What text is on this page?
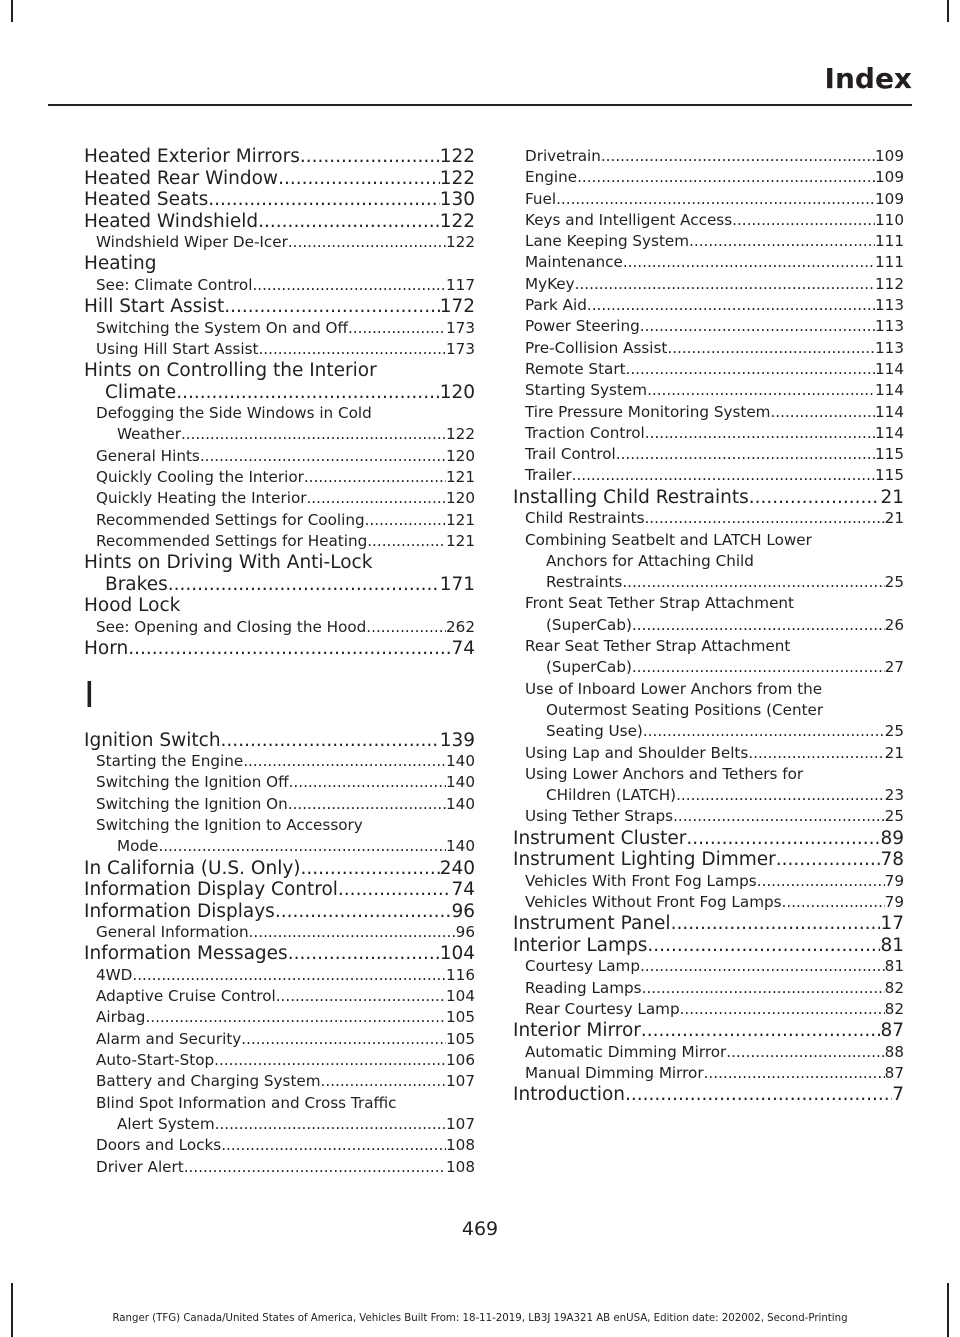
Index
Heated Exterior Mirrors .....	122
Heated Rear Window .....	122
Heated Seats .....	130
Heated Windshield .....	122
Windshield Wiper De-Icer .....	122
Heating
See: Climate Control .....	117
Hill Start Assist .....	172
Switching the System On and Off .....	173
Using Hill Start Assist .....	173
Hints on Controlling the Interior
Climate .....	120
Defogging the Side Windows in Cold
Weather .....	122
General Hints .....	120
Quickly Cooling the Interior .....	121
Quickly Heating the Interior .....	120
Recommended Settings for Cooling .....	121
Recommended Settings for Heating .....	121
Hints on Driving With Anti-Lock
Brakes .....	171
Hood Lock
See: Opening and Closing the Hood .....	262
Horn .....	74
I
Ignition Switch .....	139
Starting the Engine .....	140
Switching the Ignition Off .....	140
Switching the Ignition On .....	140
Switching the Ignition to Accessory
Mode .....	140
In California (U.S. Only) .....	240
Information Display Control .....	74
Information Displays .....	96
General Information .....	96
Information Messages .....	104
4WD .....	116
Adaptive Cruise Control .....	104
Airbag .....	105
Alarm and Security .....	105
Auto-Start-Stop .....	106
Battery and Charging System .....	107
Blind Spot Information and Cross Traffic
Alert System .....	107
Doors and Locks .....	108
Driver Alert .....	108
Drivetrain .....	109
Engine .....	109
Fuel .....	109
Keys and Intelligent Access .....	110
Lane Keeping System .....	111
Maintenance .....	111
MyKey .....	112
Park Aid .....	113
Power Steering .....	113
Pre-Collision Assist .....	113
Remote Start .....	114
Starting System .....	114
Tire Pressure Monitoring System .....	114
Traction Control .....	114
Trail Control .....	115
Trailer .....	115
Installing Child Restraints .....	21
Child Restraints .....	21
Combining Seatbelt and LATCH Lower
Anchors for Attaching Child
Restraints .....	25
Front Seat Tether Strap Attachment
(SuperCab) .....	26
Rear Seat Tether Strap Attachment
(SuperCab) .....	27
Use of Inboard Lower Anchors from the
Outermost Seating Positions (Center
Seating Use) .....	25
Using Lap and Shoulder Belts .....	21
Using Lower Anchors and Tethers for
CHildren (LATCH) .....	23
Using Tether Straps .....	25
Instrument Cluster .....	89
Instrument Lighting Dimmer .....	78
Vehicles With Front Fog Lamps .....	79
Vehicles Without Front Fog Lamps .....	79
Instrument Panel .....	17
Interior Lamps .....	81
Courtesy Lamp .....	81
Reading Lamps .....	82
Rear Courtesy Lamp .....	82
Interior Mirror .....	87
Automatic Dimming Mirror .....	88
Manual Dimming Mirror .....	87
Introduction .....	7
469
Ranger (TFG) Canada/United States of America, Vehicles Built From: 18-11-2019, LB3J 19A321 AB enUSA, Edition date: 202002, Second-Printing
